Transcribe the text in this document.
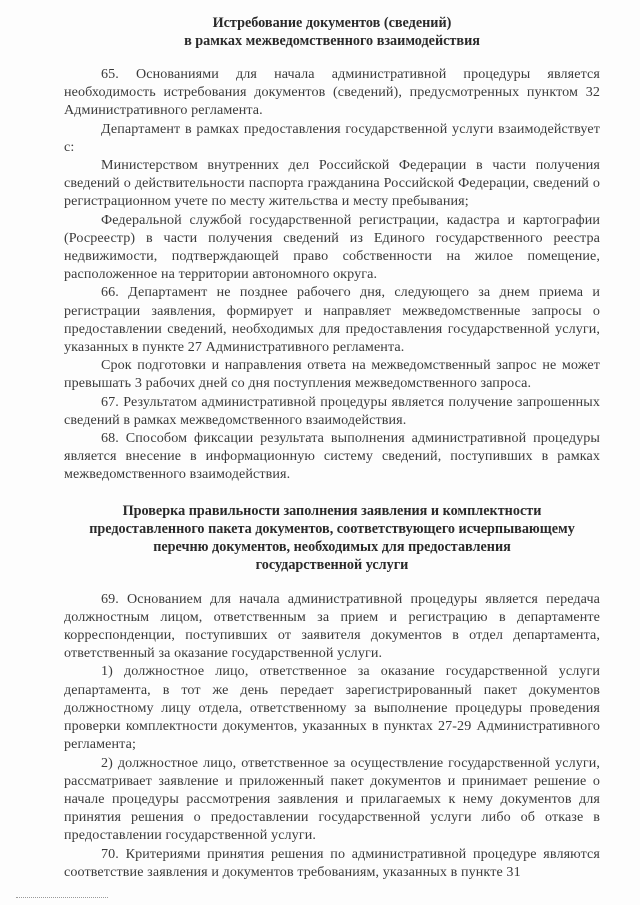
Истребование документов (сведений)
в рамках межведомственного взаимодействия

65. Основаниями для начала административной процедуры является необходимость истребования документов (сведений), предусмотренных пунктом 32 Административного регламента.

Департамент в рамках предоставления государственной услуги взаимодействует с:

Министерством внутренних дел Российской Федерации в части получения сведений о действительности паспорта гражданина Российской Федерации, сведений о регистрационном учете по месту жительства и месту пребывания;

Федеральной службой государственной регистрации, кадастра и картографии (Росреестр) в части получения сведений из Единого государственного реестра недвижимости, подтверждающей право собственности на жилое помещение, расположенное на территории автономного округа.

66. Департамент не позднее рабочего дня, следующего за днем приема и регистрации заявления, формирует и направляет межведомственные запросы о предоставлении сведений, необходимых для предоставления государственной услуги, указанных в пункте 27 Административного регламента.

Срок подготовки и направления ответа на межведомственный запрос не может превышать 3 рабочих дней со дня поступления межведомственного запроса.

67. Результатом административной процедуры является получение запрошенных сведений в рамках межведомственного взаимодействия.

68. Способом фиксации результата выполнения административной процедуры является внесение в информационную систему сведений, поступивших в рамках межведомственного взаимодействия.

Проверка правильности заполнения заявления и комплектности
предоставленного пакета документов, соответствующего исчерпывающему
перечню документов, необходимых для предоставления
государственной услуги

69. Основанием для начала административной процедуры является передача должностным лицом, ответственным за прием и регистрацию в департаменте корреспонденции, поступивших от заявителя документов в отдел департамента, ответственный за оказание государственной услуги.

1) должностное лицо, ответственное за оказание государственной услуги департамента, в тот же день передает зарегистрированный пакет документов должностному лицу отдела, ответственному за выполнение процедуры проведения проверки комплектности документов, указанных в пунктах 27-29 Административного регламента;

2) должностное лицо, ответственное за осуществление государственной услуги, рассматривает заявление и приложенный пакет документов и принимает решение о начале процедуры рассмотрения заявления и прилагаемых к нему документов для принятия решения о предоставлении государственной услуги либо об отказе в предоставлении государственной услуги.

70. Критериями принятия решения по административной процедуре являются соответствие заявления и документов требованиям, указанных в пункте 31
